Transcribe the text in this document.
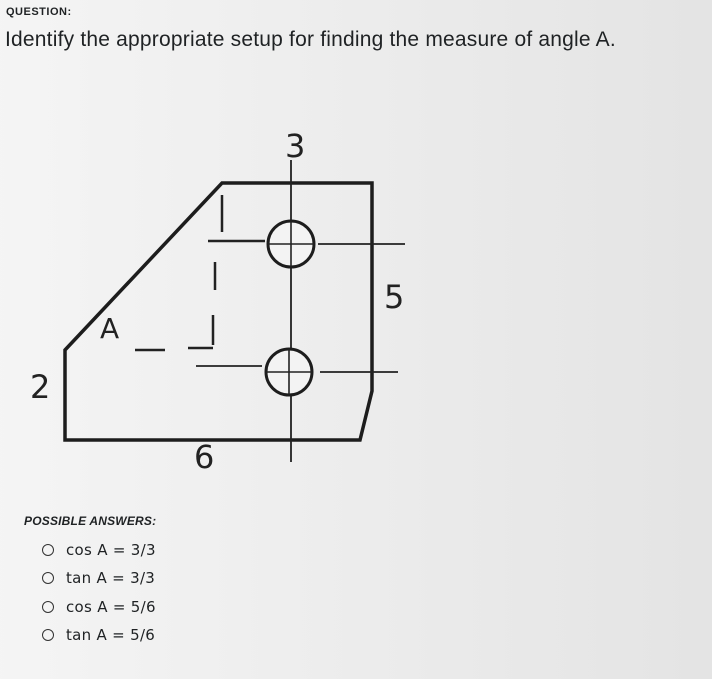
QUESTION:
Identify the appropriate setup for finding the measure of angle A.
3
5
2
6
A
POSSIBLE ANSWERS:
cos A = 3/3
tan A = 3/3
cos A = 5/6
tan A = 5/6
